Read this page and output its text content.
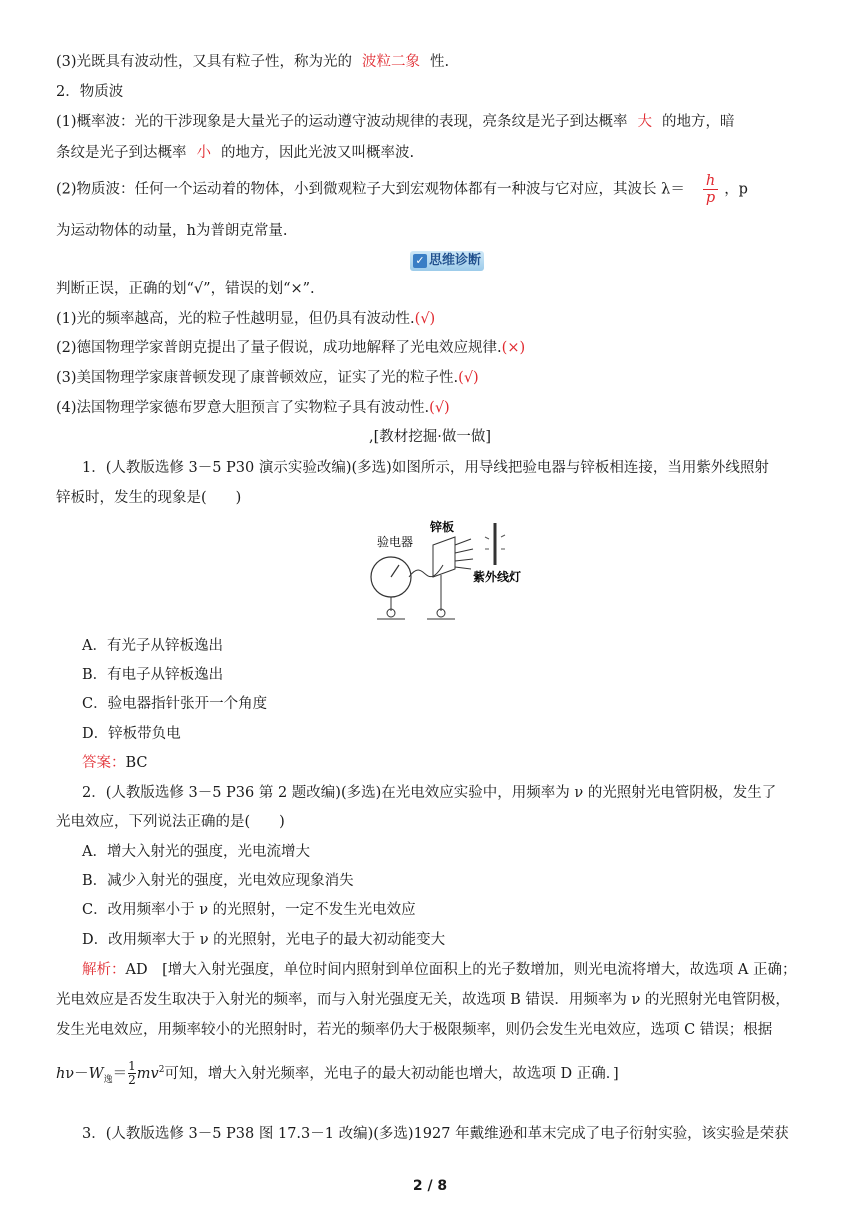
(3)光既具有波动性，又具有粒子性，称为光的 波粒二象 性.
2．物质波
(1)概率波：光的干涉现象是大量光子的运动遵守波动规律的表现，亮条纹是光子到达概率 大 的地方，暗
条纹是光子到达概率 小 的地方，因此光波又叫概率波.
(2)物质波：任何一个运动着的物体，小到微观粒子大到宏观物体都有一种波与它对应，其波长 $\lambda= \frac{h}{p}$ ，p
为运动物体的动量，h为普朗克常量.
✓ 思维诊断
判断正误，正确的划“√”，错误的划“×”.
(1)光的频率越高，光的粒子性越明显，但仍具有波动性.(√)
(2)德国物理学家普朗克提出了量子假说，成功地解释了光电效应规律.(×)
(3)美国物理学家康普顿发现了康普顿效应，证实了光的粒子性.(√)
(4)法国物理学家德布罗意大胆预言了实物粒子具有波动性.(√)
,[教材挖掘·做一做]
1．(人教版选修 3－5 P30 演示实验改编)(多选)如图所示，用导线把验电器与锌板相连接，当用紫外线照射
锌板时，发生的现象是(　　)
验电器
锌板
紫外线灯
A．有光子从锌板逸出
B．有电子从锌板逸出
C．验电器指针张开一个角度
D．锌板带负电
答案：BC
2．(人教版选修 3－5 P36 第 2 题改编)(多选)在光电效应实验中，用频率为 ν 的光照射光电管阴极，发生了
光电效应，下列说法正确的是(　　)
A．增大入射光的强度，光电流增大
B．减少入射光的强度，光电效应现象消失
C．改用频率小于 ν 的光照射，一定不发生光电效应
D．改用频率大于 ν 的光照射，光电子的最大初动能变大
解析：AD　[增大入射光强度，单位时间内照射到单位面积上的光子数增加，则光电流将增大，故选项 A 正确；
光电效应是否发生取决于入射光的频率，而与入射光强度无关，故选项 B 错误．用频率为 ν 的光照射光电管阴极，
发生光电效应，用频率较小的光照射时，若光的频率仍大于极限频率，则仍会发生光电效应，选项 C 错误；根据
$h\nu-W_逸= \frac{1}{2} mv^2$可知，增大入射光频率，光电子的最大初动能也增大，故选项 D 正确．]
3．(人教版选修 3－5 P38 图 17.3－1 改编)(多选)1927 年戴维逊和革末完成了电子衍射实验，该实验是荣获
2 / 8
